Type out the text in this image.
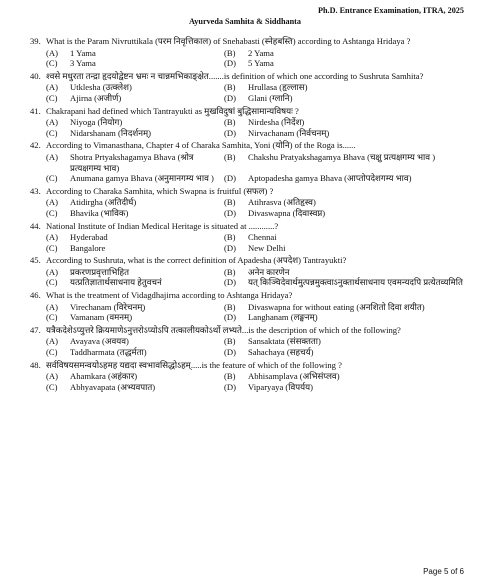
Ph.D. Entrance Examination, ITRA, 2025
Ayurveda Samhita & Siddhanta
39. What is the Param Nivruttikala (परम निवृत्तिकाल) of Snehabasti (स्नेहबस्ति) according to Ashtanga Hridaya ?
(A)	1 Yama	(B)	2 Yama
(C)	3 Yama	(D)	5 Yama
40. श्वसे मधुरता तन्द्रा हृदयोद्वेष्टन भ्रमः न चान्नमभिकाङ्क्षेत.......is definition of which one according to Sushruta Samhita?
(A)	Utklesha (उत्क्लेश)	(B)	Hrullasa (हृल्लास)
(C)	Ajirna (अजीर्ण)	(D)	Glani (ग्लानि)
41. Chakrapani had defined which Tantrayukti as मुखविदुषां बुद्धिसामान्यविषयः ?
(A)	Niyoga (नियोग)	(B)	Nirdesha (निर्देश)
(C)	Nidarshanam (निदर्शनम्)	(D)	Nirvachanam (निर्वचनम्)
42. According to Vimanasthana, Chapter 4 of Charaka Samhita, Yoni (योनि) of the Roga is......
(A)	Shotra Prtyakshagamya Bhava (श्रोत्र प्रत्यक्षगम्य भाव)
(B)	Chakshu Pratyakshagamya Bhava (चक्षु प्रत्यक्षगम्य भाव )
(C)	Anumana gamya Bhava (अनुमानगम्य भाव )	(D)	Aptopadesha gamya Bhava (आप्तोपदेशगम्य भाव)
43. According to Charaka Samhita, which Swapna is fruitful (सफल) ?
(A)	Atidirgha (अतिदीर्घ)	(B)	Atihrasva (अतिहृस्व)
(C)	Bhavika (भाविक)	(D)	Divaswapna (दिवास्वप्न)
44. National Institute of Indian Medical Heritage is situated at ............?
(A)	Hyderabad	(B)	Chennai
(C)	Bangalore	(D)	New Delhi
45. According to Sushruta, what is the correct definition of Apadesha (अपदेश) Tantrayukti?
(A)	प्रकरणप्रवृत्ताभिहित	(B)	अनेन कारणेन
(C)	यत्प्रतिज्ञातार्थसाधनाय हेतुवचनं	(D)	यत् किञ्चिदेवार्थमुत्पन्नमुक्त्वाऽनुक्तार्थसाधनाय एवमन्यदपि प्रत्येतव्यमिति
46. What is the treatment of Vidagdhajirna according to Ashtanga Hridaya?
(A)	Virechanam (विरेचनम्)	(B)	Divaswapna for without eating (अनशितो दिवा शयीत)
(C)	Vamanam (वमनम्)	(D)	Langhanam (लङ्घनम्)
47. यत्रैकदेशेऽप्युत्तरे क्रियमाणेऽनुत्तरोऽप्योऽपि तत्कालीयकोऽर्थो लभ्यते...is the description of which of the following?
(A)	Avayava (अवयव)	(B)	Sansaktata (संसक्तता)
(C)	Taddharmata (तद्धर्मता)	(D)	Sahachaya (सहचर्य)
48. सर्वविषयसमन्वयोऽहमह यद्यदा स्वभावसिद्धोऽहम्.....is the feature of which of the following ?
(A)	Ahamkara (अहंकार)	(B)	Abhisamplava (अभिसंप्लव)
(C)	Abhyavapata (अभ्यवपात)	(D)	Viparyaya (विपर्यय)
Page 5 of 6
